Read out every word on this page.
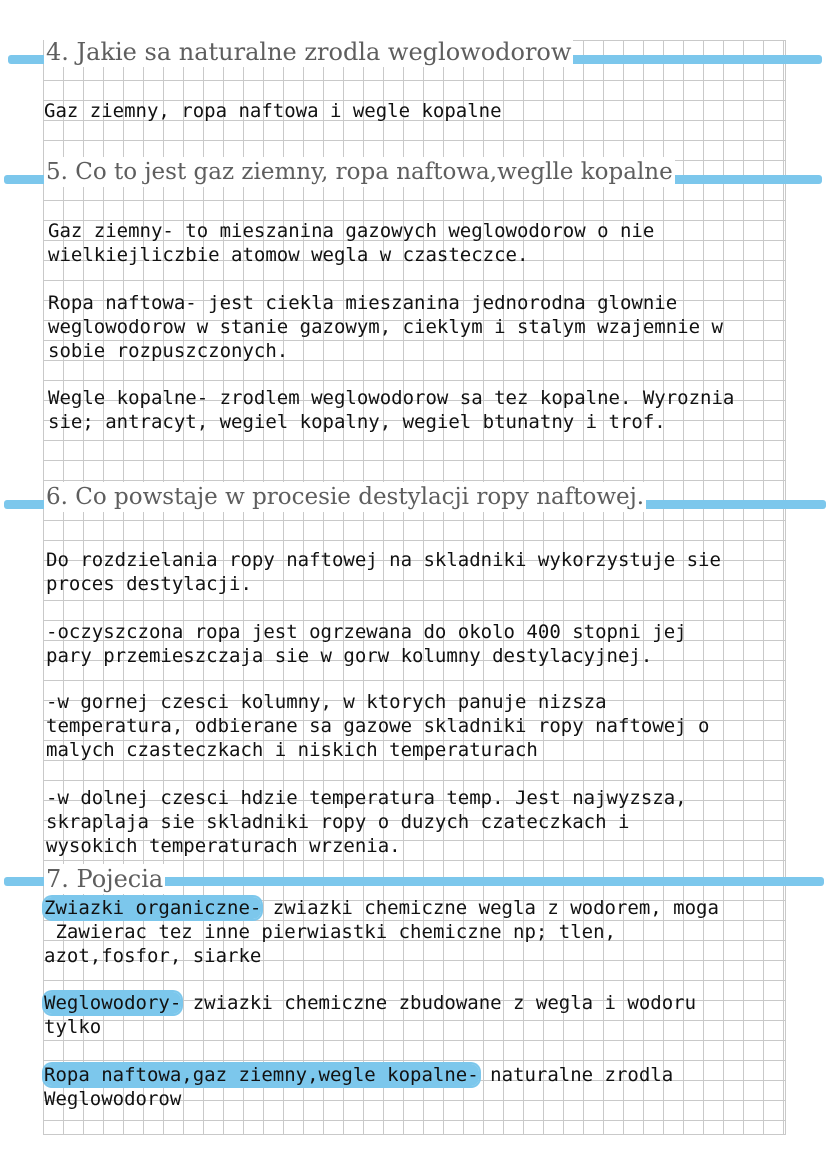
4. Jakie sa naturalne zrodla weglowodorow

Gaz ziemny, ropa naftowa i wegle kopalne

5. Co to jest gaz ziemny, ropa naftowa,weglle kopalne

Gaz ziemny- to mieszanina gazowych weglowodorow o nie
wielkiejliczbie atomow wegla w czasteczce.

Ropa naftowa- jest ciekla mieszanina jednorodna glownie
weglowodorow w stanie gazowym, cieklym i stalym wzajemnie w
sobie rozpuszczonych.

Wegle kopalne- zrodlem weglowodorow sa tez kopalne. Wyroznia
sie; antracyt, wegiel kopalny, wegiel btunatny i trof.

6. Co powstaje w procesie destylacji ropy naftowej.

Do rozdzielania ropy naftowej na skladniki wykorzystuje sie
proces destylacji.

-oczyszczona ropa jest ogrzewana do okolo 400 stopni jej
pary przemieszczaja sie w gorw kolumny destylacyjnej.

-w gornej czesci kolumny, w ktorych panuje nizsza
temperatura, odbierane sa gazowe skladniki ropy naftowej o
malych czasteczkach i niskich temperaturach

-w dolnej czesci hdzie temperatura temp. Jest najwyzsza,
skraplaja sie skladniki ropy o duzych czateczkach i
wysokich temperaturach wrzenia.

7. Pojecia

Zwiazki organiczne- zwiazki chemiczne wegla z wodorem, moga
Zawierac tez inne pierwiastki chemiczne np; tlen,
azot,fosfor, siarke

Weglowodory- zwiazki chemiczne zbudowane z wegla i wodoru
tylko

Ropa naftowa,gaz ziemny,wegle kopalne- naturalne zrodla
Weglowodorow
